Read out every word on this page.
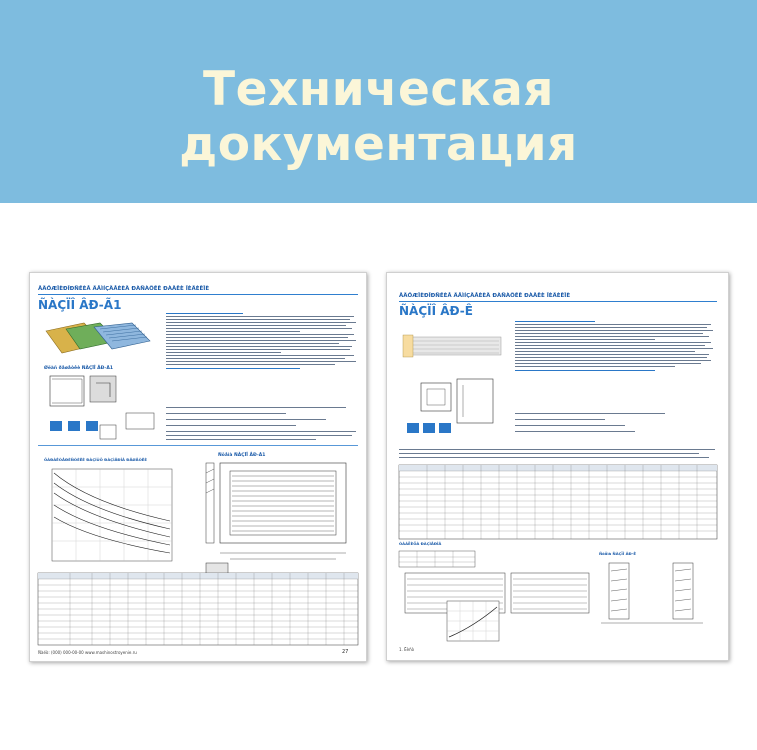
Техническая документация
ÂÄÖÆÏÈÐÎÐÑÊÈÅ ÄÅÌÍÇÄÅÈÈÄ ÐÀÑÀÖÊÊ ÐÀÄÊÈ ÎÈÄÈÊÎÈ
ÑÀÇÏÎ ÂÐ-Ã1
Øëàñ ðåøåòêè ÑÀÇÏÎ ÂÐ-Ã1
Ñõåìà ÑÀÇÏÎ ÂÐ-Ã1
ÕÀÐÀÊÒÅÐÈÑÒÈÊÈ ÐÀÇÍÛÕ ÐÀÇÌÅÐÎÂ ÐÅØÅÒÊÈ
Ñàéò: (000) 000-00-00 www.mashinostroyenie.ru	27
ÂÄÖÆÏÈÐÎÐÑÊÈÅ ÄÅÌÍÇÄÅÈÈÄ ÐÀÑÀÖÊÊ ÐÀÄÊÈ ÎÈÄÈÊÎÈ
ÑÀÇÏÎ ÂÐ-Ê
ÒÀÁËÈÖÀ ÐÀÇÌÅÐÎÂ
Ñõåìà ÑÀÇÏÎ ÂÐ-Ê
1. Ëèñò
